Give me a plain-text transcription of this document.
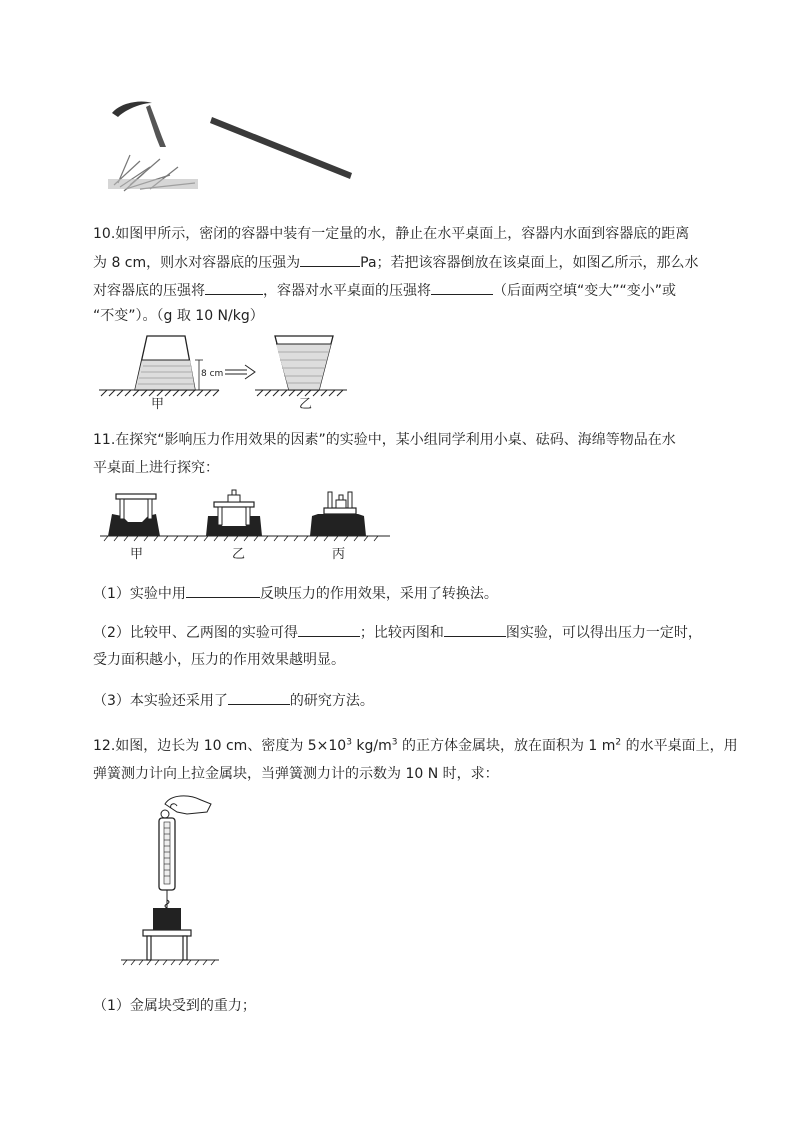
10.如图甲所示，密闭的容器中装有一定量的水，静止在水平桌面上，容器内水面到容器底的距离
为 8 cm，则水对容器底的压强为	Pa；若把该容器倒放在该桌面上，如图乙所示，那么水
对容器底的压强将	，容器对水平桌面的压强将	（后面两空填“变大”“变小”或
“不变”）。（g 取 10 N/kg）
8 cm
甲	乙
11.在探究“影响压力作用效果的因素”的实验中，某小组同学利用小桌、砝码、海绵等物品在水
平桌面上进行探究：
甲	乙	丙
（1）实验中用	反映压力的作用效果，采用了转换法。
（2）比较甲、乙两图的实验可得	；比较丙图和	图实验，可以得出压力一定时，
受力面积越小，压力的作用效果越明显。
（3）本实验还采用了	的研究方法。
12.如图，边长为 10 cm、密度为 $5\times 10^3$ $kg/m^3$ 的正方体金属块，放在面积为 1 $m^2$ 的水平桌面上，用
弹簧测力计向上拉金属块，当弹簧测力计的示数为 10 N 时，求：
（1）金属块受到的重力；
